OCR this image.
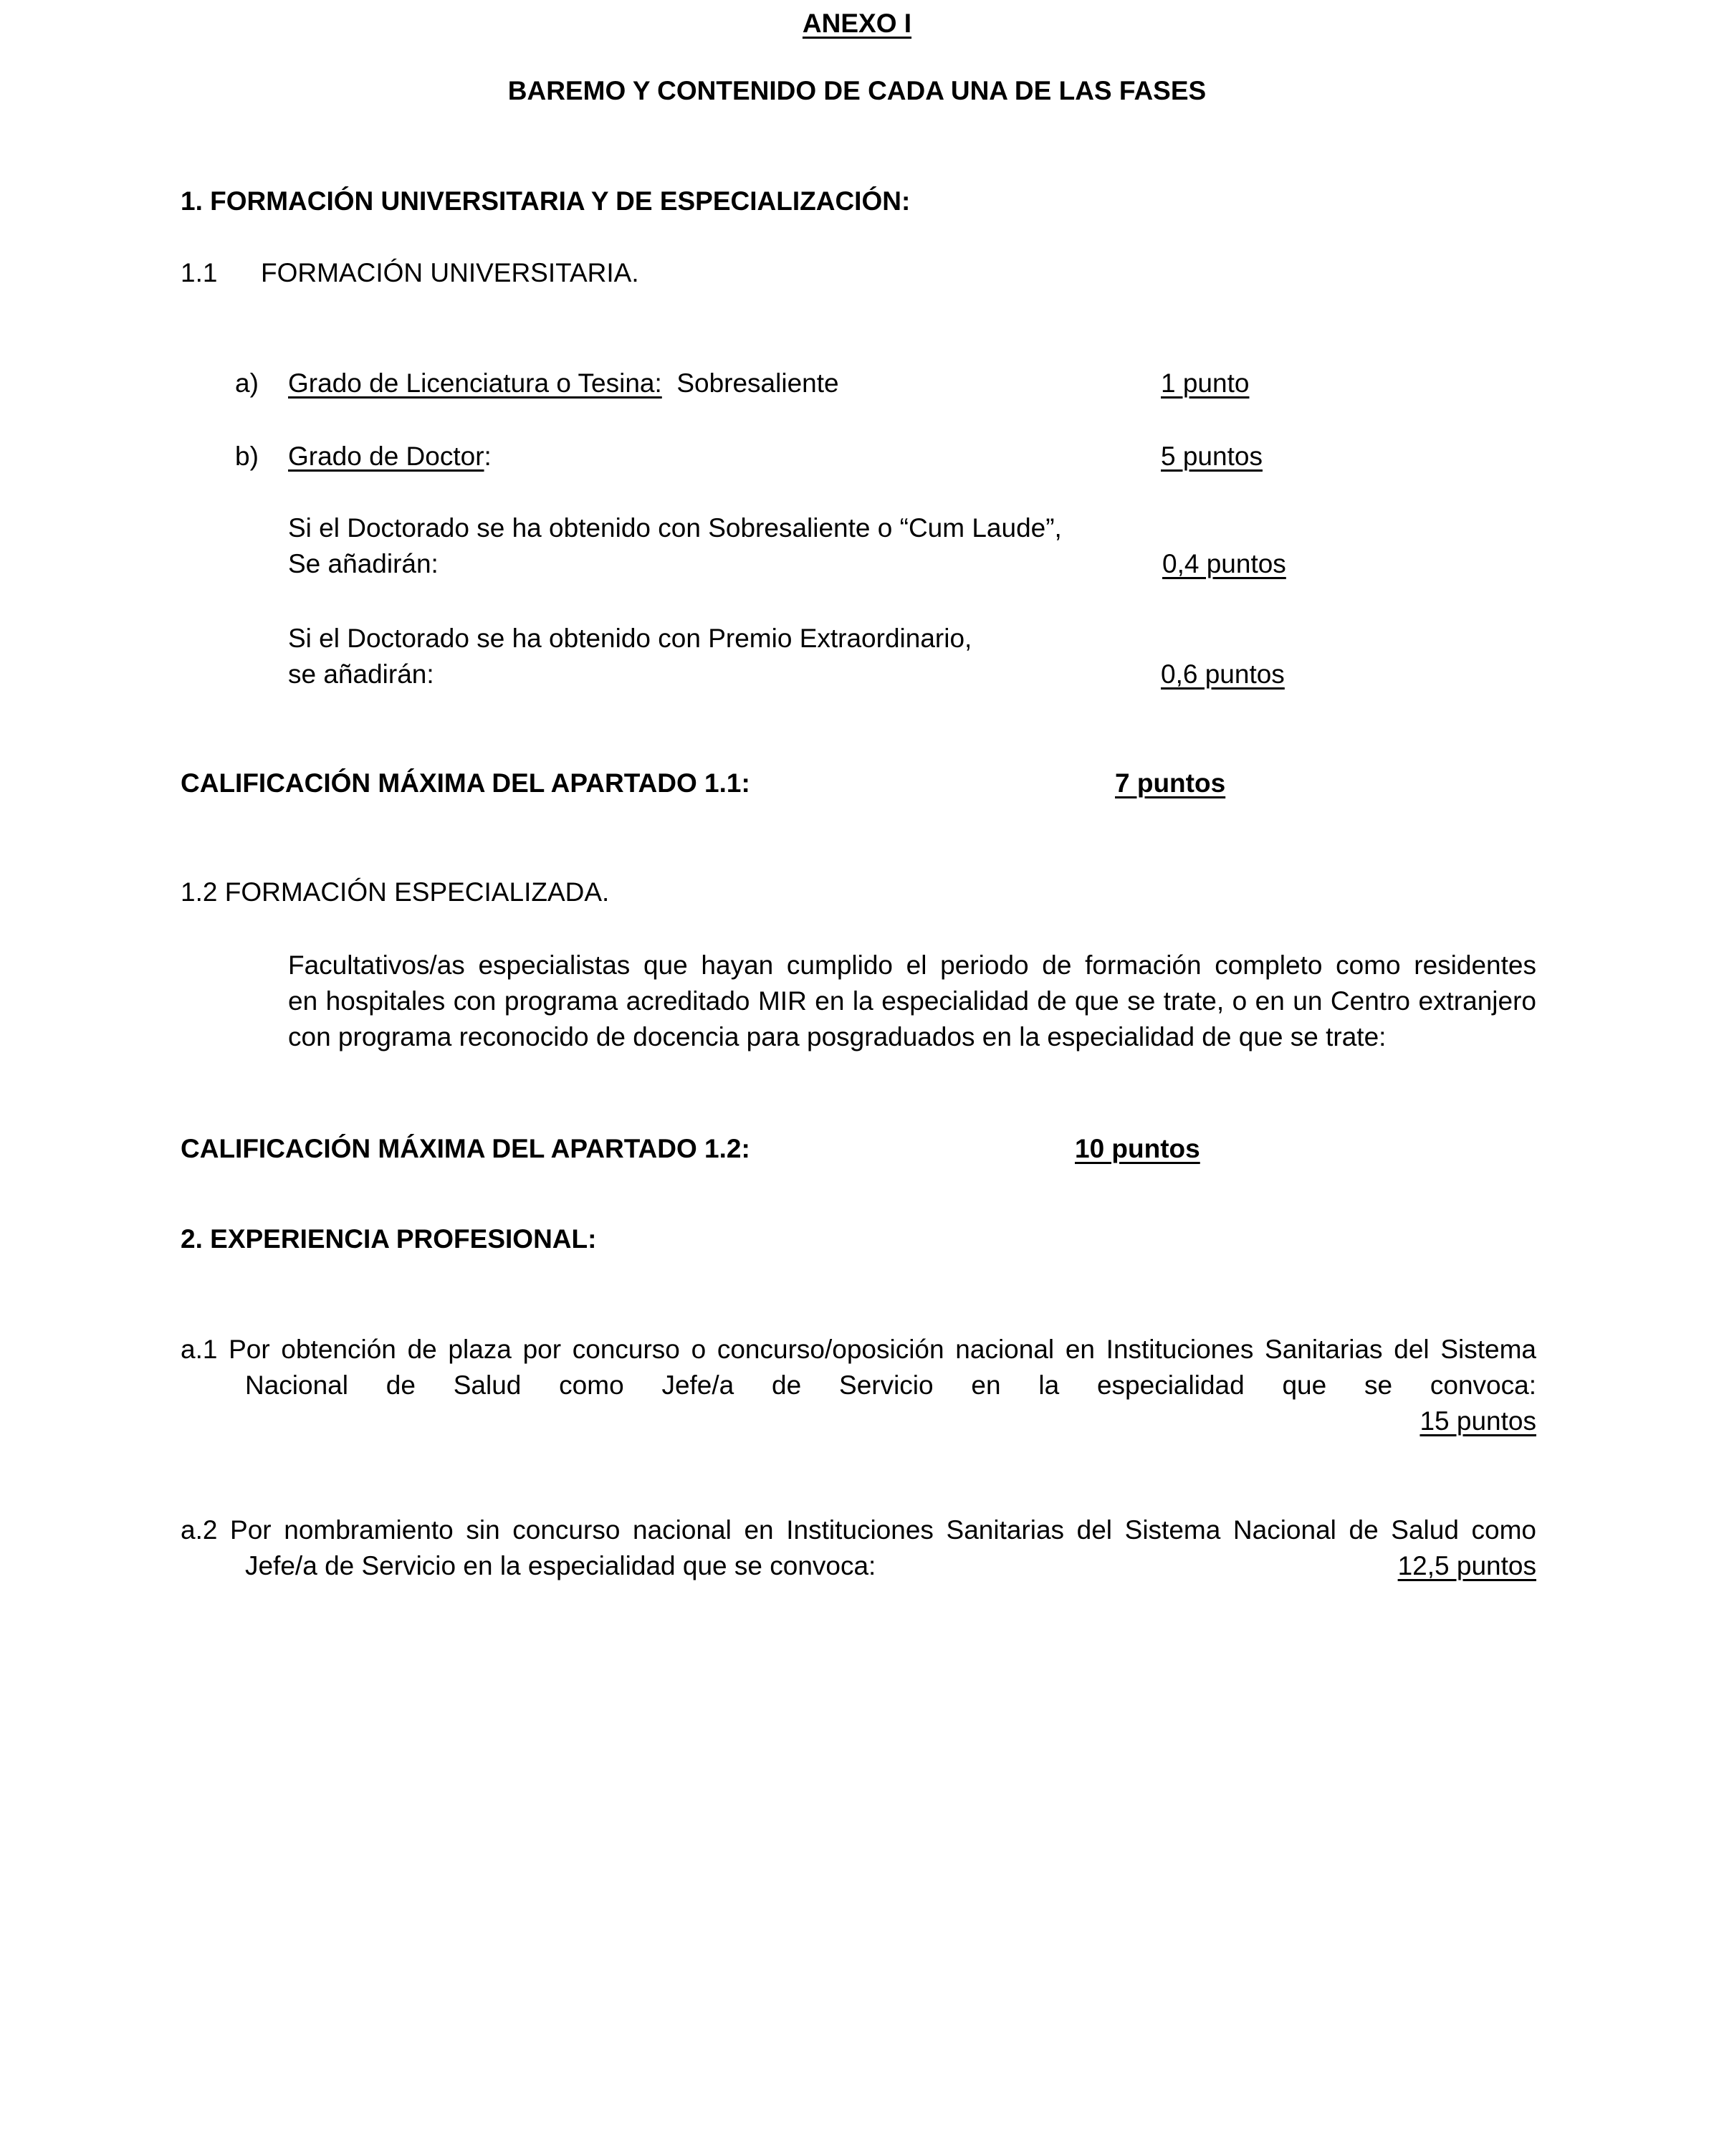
ANEXO I

BAREMO Y CONTENIDO DE CADA UNA DE LAS FASES

1. FORMACIÓN UNIVERSITARIA Y DE ESPECIALIZACIÓN:

1.1 FORMACIÓN UNIVERSITARIA.

a) Grado de Licenciatura o Tesina: Sobresaliente	1 punto

b) Grado de Doctor:	5 puntos

Si el Doctorado se ha obtenido con Sobresaliente o “Cum Laude”,

Se añadirán:	0,4 puntos

Si el Doctorado se ha obtenido con Premio Extraordinario,

se añadirán:	0,6 puntos

CALIFICACIÓN MÁXIMA DEL APARTADO 1.1:	7 puntos

1.2 FORMACIÓN ESPECIALIZADA.

Facultativos/as especialistas que hayan cumplido el periodo de formación completo como residentes

en hospitales con programa acreditado MIR en la especialidad de que se trate, o en un Centro extranjero

con programa reconocido de docencia para posgraduados en la especialidad de que se trate:

CALIFICACIÓN MÁXIMA DEL APARTADO 1.2:	10 puntos

2. EXPERIENCIA PROFESIONAL:

a.1 Por obtención de plaza por concurso o concurso/oposición nacional en Instituciones Sanitarias del Sistema

Nacional de Salud como Jefe/a de Servicio en la especialidad que se convoca:

15 puntos

a.2 Por nombramiento sin concurso nacional en Instituciones Sanitarias del Sistema Nacional de Salud como

Jefe/a de Servicio en la especialidad que se convoca:	12,5 puntos
